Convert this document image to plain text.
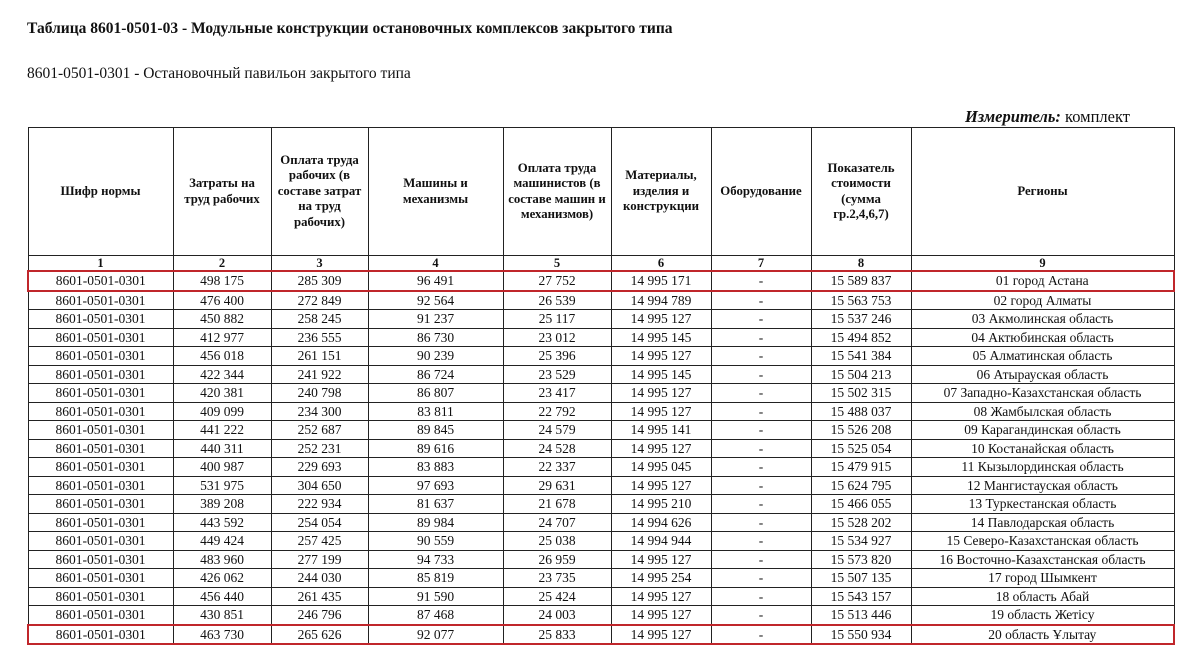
Таблица 8601-0501-03 - Модульные конструкции остановочных комплексов закрытого типа
8601-0501-0301 - Остановочный павильон закрытого типа
Измеритель: комплект
Шифр нормы	Затраты на труд рабочих	Оплата труда рабочих (в составе затрат на труд рабочих)	Машины и механизмы	Оплата труда машинистов (в составе машин и механизмов)	Материалы, изделия и конструкции	Оборудование	Показатель стоимости (сумма гр.2,4,6,7)	Регионы
1	2	3	4	5	6	7	8	9
8601-0501-0301	498 175	285 309	96 491	27 752	14 995 171	-	15 589 837	01 город Астана
8601-0501-0301	476 400	272 849	92 564	26 539	14 994 789	-	15 563 753	02 город Алматы
8601-0501-0301	450 882	258 245	91 237	25 117	14 995 127	-	15 537 246	03 Акмолинская область
8601-0501-0301	412 977	236 555	86 730	23 012	14 995 145	-	15 494 852	04 Актюбинская область
8601-0501-0301	456 018	261 151	90 239	25 396	14 995 127	-	15 541 384	05 Алматинская область
8601-0501-0301	422 344	241 922	86 724	23 529	14 995 145	-	15 504 213	06 Атырауская область
8601-0501-0301	420 381	240 798	86 807	23 417	14 995 127	-	15 502 315	07 Западно-Казахстанская область
8601-0501-0301	409 099	234 300	83 811	22 792	14 995 127	-	15 488 037	08 Жамбылская область
8601-0501-0301	441 222	252 687	89 845	24 579	14 995 141	-	15 526 208	09 Карагандинская область
8601-0501-0301	440 311	252 231	89 616	24 528	14 995 127	-	15 525 054	10 Костанайская область
8601-0501-0301	400 987	229 693	83 883	22 337	14 995 045	-	15 479 915	11 Кызылординская область
8601-0501-0301	531 975	304 650	97 693	29 631	14 995 127	-	15 624 795	12 Мангистауская область
8601-0501-0301	389 208	222 934	81 637	21 678	14 995 210	-	15 466 055	13 Туркестанская область
8601-0501-0301	443 592	254 054	89 984	24 707	14 994 626	-	15 528 202	14 Павлодарская область
8601-0501-0301	449 424	257 425	90 559	25 038	14 994 944	-	15 534 927	15 Северо-Казахстанская область
8601-0501-0301	483 960	277 199	94 733	26 959	14 995 127	-	15 573 820	16 Восточно-Казахстанская область
8601-0501-0301	426 062	244 030	85 819	23 735	14 995 254	-	15 507 135	17 город Шымкент
8601-0501-0301	456 440	261 435	91 590	25 424	14 995 127	-	15 543 157	18 область Абай
8601-0501-0301	430 851	246 796	87 468	24 003	14 995 127	-	15 513 446	19 область Жетісу
8601-0501-0301	463 730	265 626	92 077	25 833	14 995 127	-	15 550 934	20 область Ұлытау
